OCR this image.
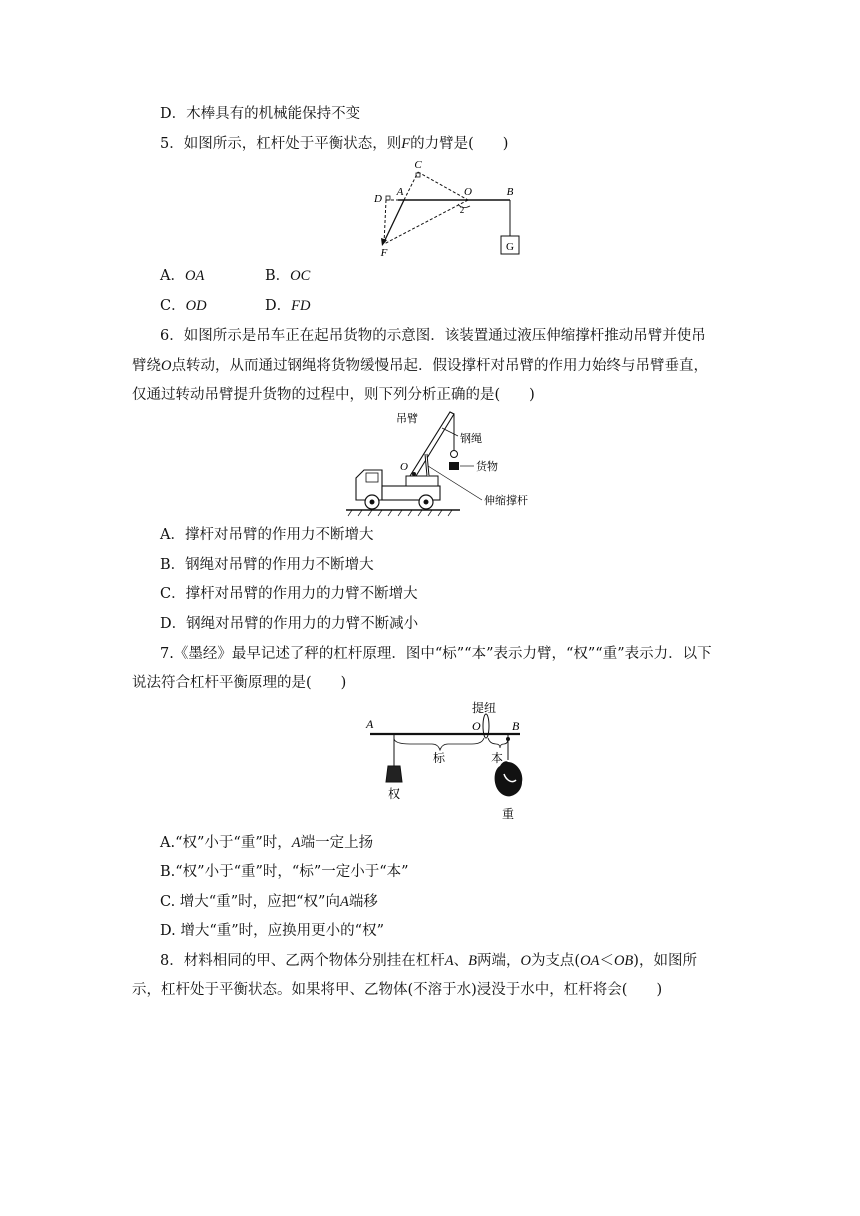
D．木棒具有的机械能保持不变
5．如图所示，杠杆处于平衡状态，则F的力臂是(　　)
G
C
D
A	O	B
F
2
A．OA	B．OC
C．OD	D．FD
6．如图所示是吊车正在起吊货物的示意图．该装置通过液压伸缩撑杆推动吊臂并使吊
臂绕O点转动，从而通过钢绳将货物缓慢吊起．假设撑杆对吊臂的作用力始终与吊臂垂直，
仅通过转动吊臂提升货物的过程中，则下列分析正确的是(　　)
吊臂
钢绳
货物
伸缩撑杆
O
A．撑杆对吊臂的作用力不断增大
B．钢绳对吊臂的作用力不断增大
C．撑杆对吊臂的作用力的力臂不断增大
D．钢绳对吊臂的作用力的力臂不断减小
7.《墨经》最早记述了秤的杠杆原理．图中“标”“本”表示力臂，“权”“重”表示力．以下
说法符合杠杆平衡原理的是(　　)
A	O	B
提纽
标	本
权
重
A.“权”小于“重”时，A端一定上扬
B.“权”小于“重”时，“标”一定小于“本”
C. 增大“重”时，应把“权”向A端移
D. 增大“重”时，应换用更小的“权”
8．材料相同的甲、乙两个物体分别挂在杠杆A、B两端，O为支点(OA＜OB)，如图所
示，杠杆处于平衡状态。如果将甲、乙物体(不溶于水)浸没于水中，杠杆将会(　　)
